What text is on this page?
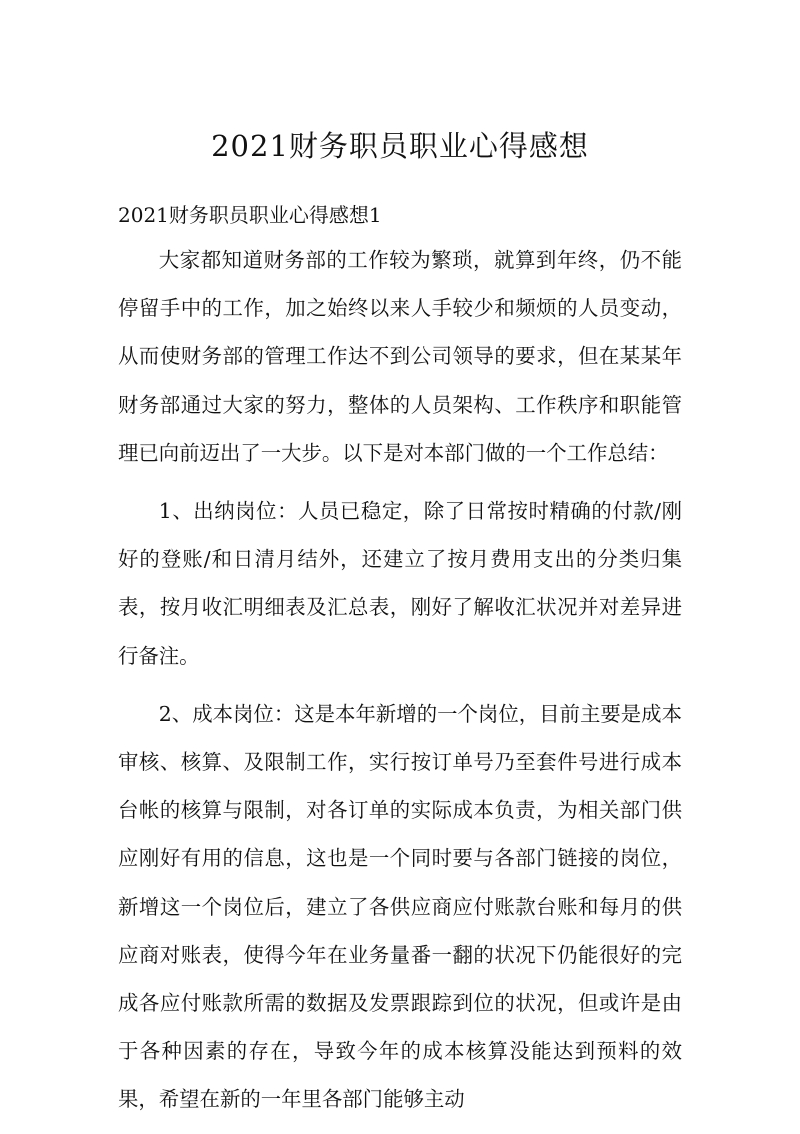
2021财务职员职业心得感想
2021财务职员职业心得感想1

大家都知道财务部的工作较为繁琐，就算到年终，仍不能停留手中的工作，加之始终以来人手较少和频烦的人员变动，从而使财务部的管理工作达不到公司领导的要求，但在某某年财务部通过大家的努力，整体的人员架构、工作秩序和职能管理已向前迈出了一大步。以下是对本部门做的一个工作总结：

1、出纳岗位：人员已稳定，除了日常按时精确的付款/刚好的登账/和日清月结外，还建立了按月费用支出的分类归集表，按月收汇明细表及汇总表，刚好了解收汇状况并对差异进行备注。

2、成本岗位：这是本年新增的一个岗位，目前主要是成本审核、核算、及限制工作，实行按订单号乃至套件号进行成本台帐的核算与限制，对各订单的实际成本负责，为相关部门供应刚好有用的信息，这也是一个同时要与各部门链接的岗位，新增这一个岗位后，建立了各供应商应付账款台账和每月的供应商对账表，使得今年在业务量番一翻的状况下仍能很好的完成各应付账款所需的数据及发票跟踪到位的状况，但或许是由于各种因素的存在，导致今年的成本核算没能达到预料的效果，希望在新的一年里各部门能够主动
